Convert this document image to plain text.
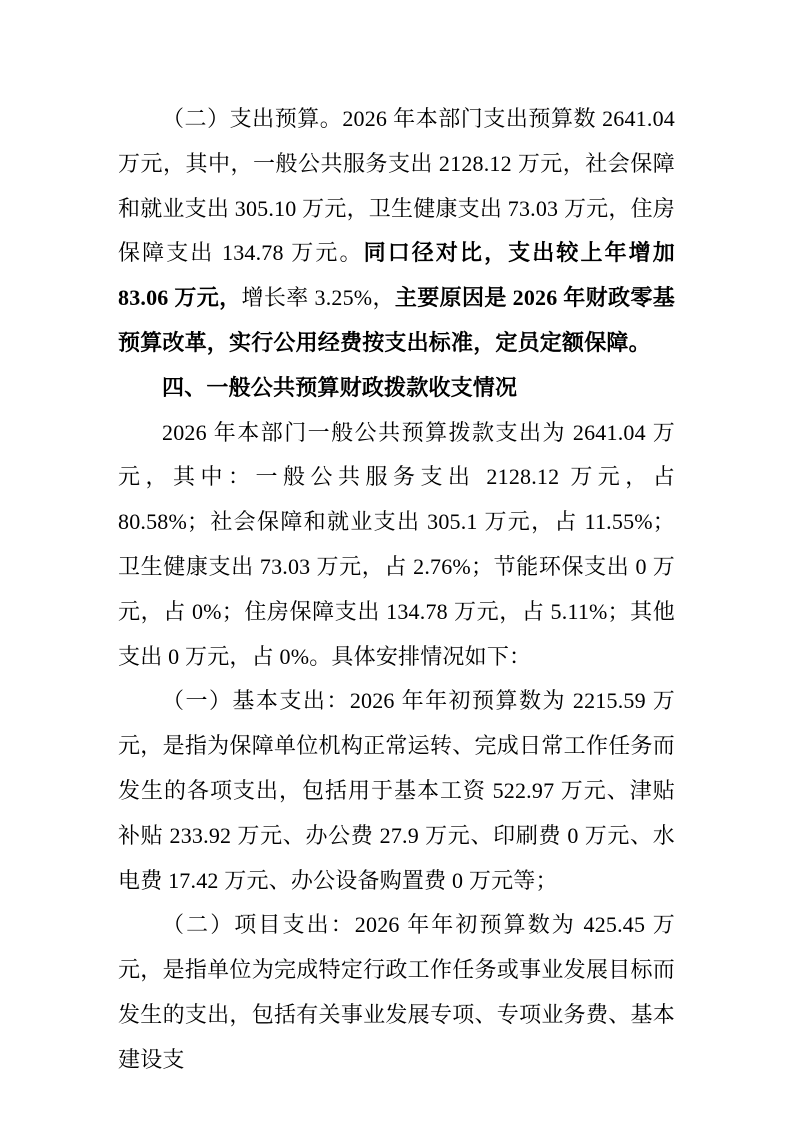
（二）支出预算。2026 年本部门支出预算数 2641.04 万元，其中，一般公共服务支出 2128.12 万元，社会保障和就业支出 305.10 万元，卫生健康支出 73.03 万元，住房保障支出 134.78 万元。同口径对比，支出较上年增加 83.06 万元，增长率 3.25%，主要原因是 2026 年财政零基预算改革，实行公用经费按支出标准，定员定额保障。

四、一般公共预算财政拨款收支情况

2026 年本部门一般公共预算拨款支出为 2641.04 万元，其中：一般公共服务支出 2128.12 万元，占 80.58%；社会保障和就业支出 305.1 万元，占 11.55%；卫生健康支出 73.03 万元，占 2.76%；节能环保支出 0 万元，占 0%；住房保障支出 134.78 万元，占 5.11%；其他支出 0 万元，占 0%。具体安排情况如下：

（一）基本支出：2026 年年初预算数为 2215.59 万元，是指为保障单位机构正常运转、完成日常工作任务而发生的各项支出，包括用于基本工资 522.97 万元、津贴补贴 233.92 万元、办公费 27.9 万元、印刷费 0 万元、水电费 17.42 万元、办公设备购置费 0 万元等；

（二）项目支出：2026 年年初预算数为 425.45 万元，是指单位为完成特定行政工作任务或事业发展目标而发生的支出，包括有关事业发展专项、专项业务费、基本建设支
